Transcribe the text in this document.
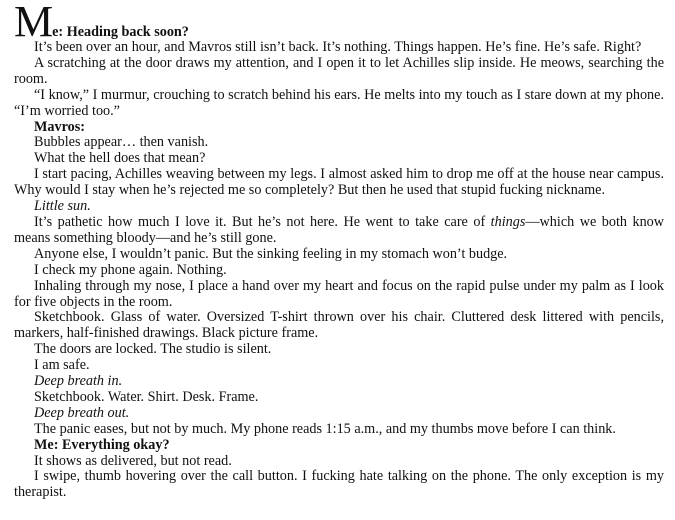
M e: Heading back soon?

It’s been over an hour, and Mavros still isn’t back. It’s nothing. Things happen. He’s fine. He’s safe. Right?

A scratching at the door draws my attention, and I open it to let Achilles slip inside. He meows, searching the room.

“I know,” I murmur, crouching to scratch behind his ears. He melts into my touch as I stare down at my phone. “I’m worried too.”

Mavros:

Bubbles appear… then vanish.

What the hell does that mean?

I start pacing, Achilles weaving between my legs. I almost asked him to drop me off at the house near campus. Why would I stay when he’s rejected me so completely? But then he used that stupid fucking nickname.

Little sun.

It’s pathetic how much I love it. But he’s not here. He went to take care of things—which we both know means something bloody—and he’s still gone.

Anyone else, I wouldn’t panic. But the sinking feeling in my stomach won’t budge.

I check my phone again. Nothing.

Inhaling through my nose, I place a hand over my heart and focus on the rapid pulse under my palm as I look for five objects in the room.

Sketchbook. Glass of water. Oversized T-shirt thrown over his chair. Cluttered desk littered with pencils, markers, half-finished drawings. Black picture frame.

The doors are locked. The studio is silent.

I am safe.

Deep breath in.

Sketchbook. Water. Shirt. Desk. Frame.

Deep breath out.

The panic eases, but not by much. My phone reads 1:15 a.m., and my thumbs move before I can think.

Me: Everything okay?

It shows as delivered, but not read.

I swipe, thumb hovering over the call button. I fucking hate talking on the phone. The only exception is my therapist.
